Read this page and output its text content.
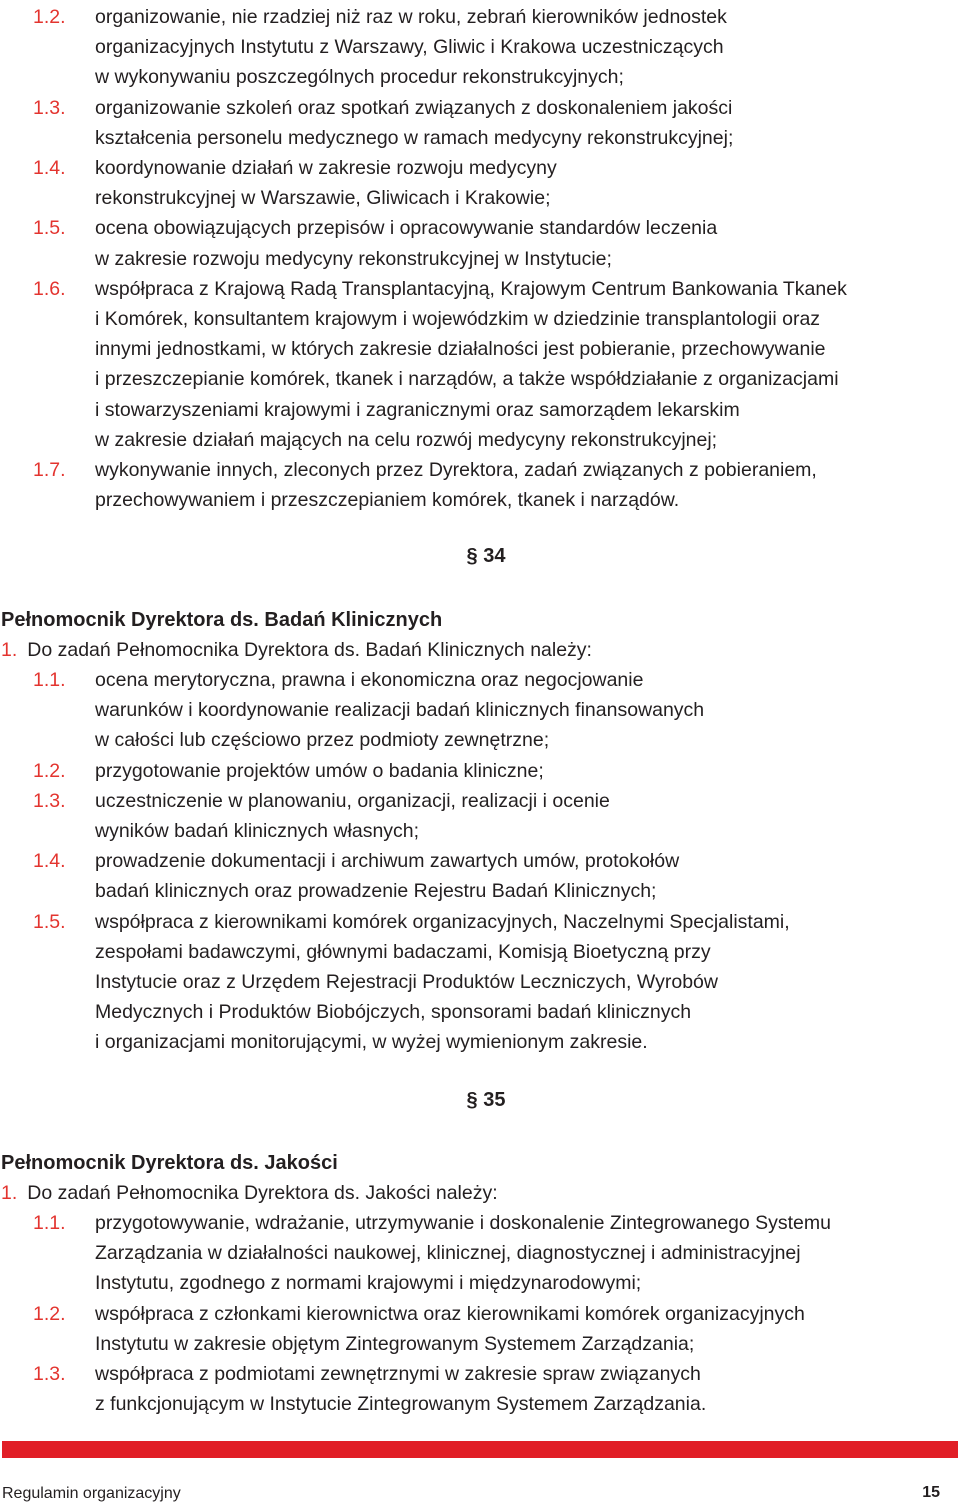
1.2.	organizowanie, nie rzadziej niż raz w roku, zebrań kierowników jednostek
organizacyjnych Instytutu z Warszawy, Gliwic i Krakowa uczestniczących
w wykonywaniu poszczególnych procedur rekonstrukcyjnych;
1.3.	organizowanie szkoleń oraz spotkań związanych z doskonaleniem jakości
kształcenia personelu medycznego w ramach medycyny rekonstrukcyjnej;
1.4.	koordynowanie działań w zakresie rozwoju medycyny
rekonstrukcyjnej w Warszawie, Gliwicach i Krakowie;
1.5.	ocena obowiązujących przepisów i opracowywanie standardów leczenia
w zakresie rozwoju medycyny rekonstrukcyjnej w Instytucie;
1.6.	współpraca z Krajową Radą Transplantacyjną, Krajowym Centrum Bankowania Tkanek
i Komórek, konsultantem krajowym i wojewódzkim w dziedzinie transplantologii oraz
innymi jednostkami, w których zakresie działalności jest pobieranie, przechowywanie
i przeszczepianie komórek, tkanek i narządów, a także współdziałanie z organizacjami
i stowarzyszeniami krajowymi i zagranicznymi oraz samorządem lekarskim
w zakresie działań mających na celu rozwój medycyny rekonstrukcyjnej;
1.7.	wykonywanie innych, zleconych przez Dyrektora, zadań związanych z pobieraniem,
przechowywaniem i przeszczepianiem komórek, tkanek i narządów.
§ 34
Pełnomocnik Dyrektora ds. Badań Klinicznych
1. Do zadań Pełnomocnika Dyrektora ds. Badań Klinicznych należy:
1.1.	ocena merytoryczna, prawna i ekonomiczna oraz negocjowanie
warunków i koordynowanie realizacji badań klinicznych finansowanych
w całości lub częściowo przez podmioty zewnętrzne;
1.2.	przygotowanie projektów umów o badania kliniczne;
1.3.	uczestniczenie w planowaniu, organizacji, realizacji i ocenie
wyników badań klinicznych własnych;
1.4.	prowadzenie dokumentacji i archiwum zawartych umów, protokołów
badań klinicznych oraz prowadzenie Rejestru Badań Klinicznych;
1.5.	współpraca z kierownikami komórek organizacyjnych, Naczelnymi Specjalistami,
zespołami badawczymi, głównymi badaczami, Komisją Bioetyczną przy
Instytucie oraz z Urzędem Rejestracji Produktów Leczniczych, Wyrobów
Medycznych i Produktów Biobójczych, sponsorami badań klinicznych
i organizacjami monitorującymi, w wyżej wymienionym zakresie.
§ 35
Pełnomocnik Dyrektora ds. Jakości
1. Do zadań Pełnomocnika Dyrektora ds. Jakości należy:
1.1.	przygotowywanie, wdrażanie, utrzymywanie i doskonalenie Zintegrowanego Systemu
Zarządzania w działalności naukowej, klinicznej, diagnostycznej i administracyjnej
Instytutu, zgodnego z normami krajowymi i międzynarodowymi;
1.2.	współpraca z członkami kierownictwa oraz kierownikami komórek organizacyjnych
Instytutu w zakresie objętym Zintegrowanym Systemem Zarządzania;
1.3.	współpraca z podmiotami zewnętrznymi w zakresie spraw związanych
z funkcjonującym w Instytucie Zintegrowanym Systemem Zarządzania.
Regulamin organizacyjny	15
